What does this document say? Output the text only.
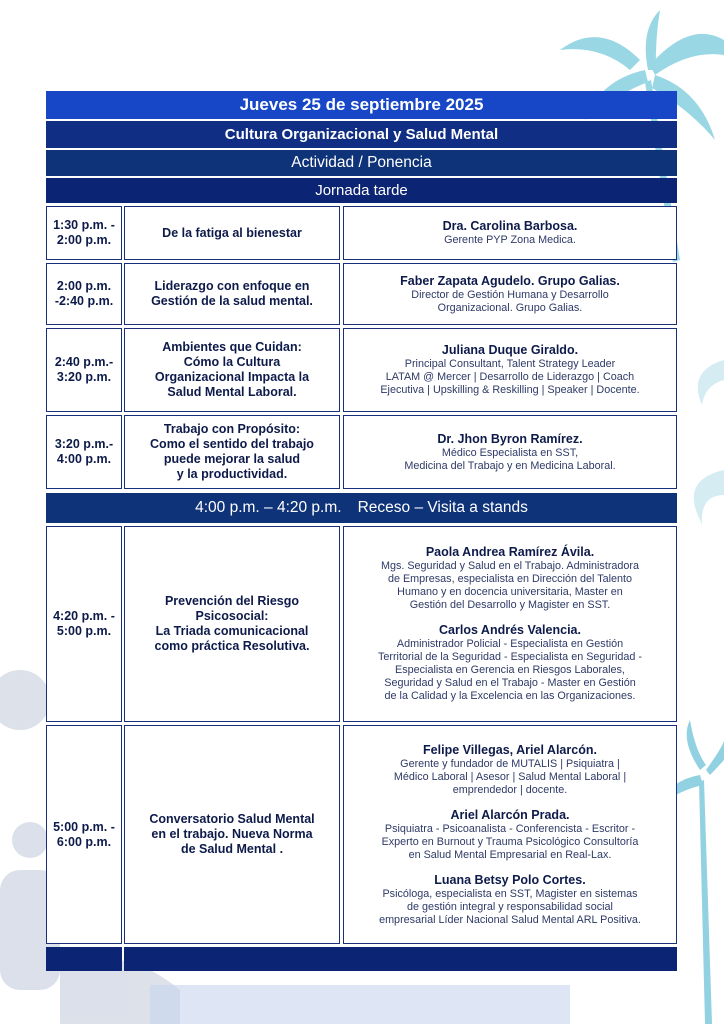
Jueves 25 de septiembre 2025
Cultura Organizacional y Salud Mental
Actividad / Ponencia
Jornada tarde
1:30 p.m. -
2:00 p.m.
De la fatiga al bienestar	Dra. Carolina Barbosa.
Gerente PYP Zona Medica.
2:00 p.m.
-2:40 p.m.
Liderazgo con enfoque en
Gestión de la salud mental.
Faber Zapata Agudelo. Grupo Galias.
Director de Gestión Humana y Desarrollo
Organizacional. Grupo Galias.
2:40 p.m.-
3:20 p.m.
Ambientes que Cuidan:
Cómo la Cultura
Organizacional Impacta la
Salud Mental Laboral.
Juliana Duque Giraldo.
Principal Consultant, Talent Strategy Leader
LATAM @ Mercer | Desarrollo de Liderazgo | Coach
Ejecutiva | Upskilling & Reskilling | Speaker | Docente.
3:20 p.m.-
4:00 p.m.
Trabajo con Propósito:
Como el sentido del trabajo
puede mejorar la salud
y la productividad.
Dr. Jhon Byron Ramírez.
Médico Especialista en SST,
Medicina del Trabajo y en Medicina Laboral.
4:00 p.m. – 4:20 p.m. Receso – Visita a stands
4:20 p.m. -
5:00 p.m.
Prevención del Riesgo
Psicosocial:
La Triada comunicacional
como práctica Resolutiva.
Paola Andrea Ramírez Ávila.
Mgs. Seguridad y Salud en el Trabajo. Administradora
de Empresas, especialista en Dirección del Talento
Humano y en docencia universitaria, Master en
Gestión del Desarrollo y Magister en SST.
Carlos Andrés Valencia.
Administrador Policial - Especialista en Gestión
Territorial de la Seguridad - Especialista en Seguridad -
Especialista en Gerencia en Riesgos Laborales,
Seguridad y Salud en el Trabajo - Master en Gestión
de la Calidad y la Excelencia en las Organizaciones.
5:00 p.m. -
6:00 p.m.
Conversatorio Salud Mental
en el trabajo. Nueva Norma
de Salud Mental .
Felipe Villegas, Ariel Alarcón.
Gerente y fundador de MUTALIS | Psiquiatra |
Médico Laboral | Asesor | Salud Mental Laboral |
emprendedor | docente.
Ariel Alarcón Prada.
Psiquiatra - Psicoanalista - Conferencista - Escritor -
Experto en Burnout y Trauma Psicológico Consultoría
en Salud Mental Empresarial en Real-Lax.
Luana Betsy Polo Cortes.
Psicóloga, especialista en SST, Magister en sistemas
de gestión integral y responsabilidad social
empresarial Líder Nacional Salud Mental ARL Positiva.
